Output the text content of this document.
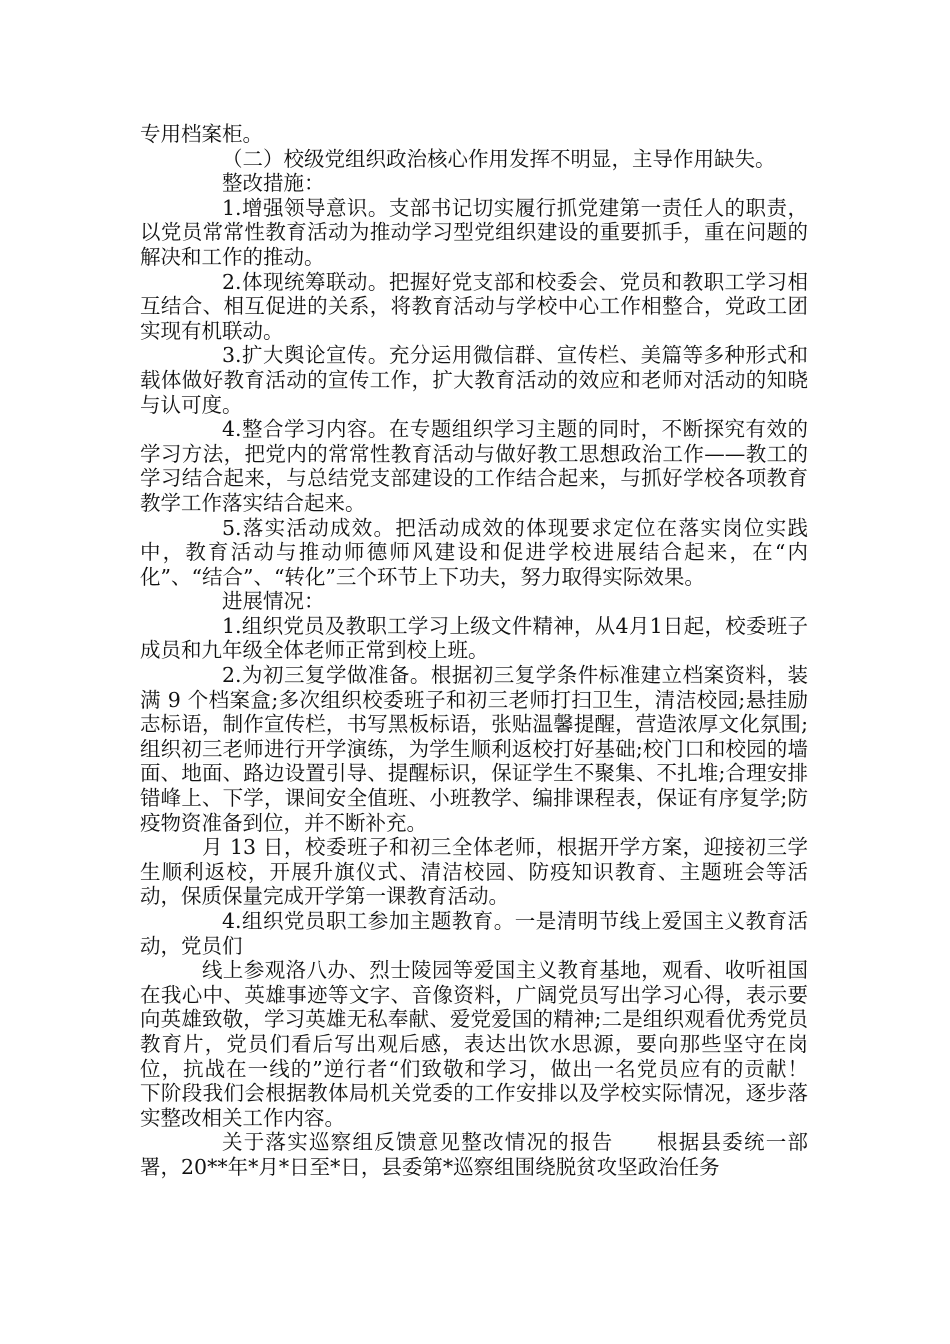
专用档案柜。

（二）校级党组织政治核心作用发挥不明显，主导作用缺失。

整改措施：

1.增强领导意识。支部书记切实履行抓党建第一责任人的职责，以党员常常性教育活动为推动学习型党组织建设的重要抓手，重在问题的解决和工作的推动。

2.体现统筹联动。把握好党支部和校委会、党员和教职工学习相互结合、相互促进的关系，将教育活动与学校中心工作相整合，党政工团实现有机联动。

3.扩大舆论宣传。充分运用微信群、宣传栏、美篇等多种形式和载体做好教育活动的宣传工作，扩大教育活动的效应和老师对活动的知晓与认可度。

4.整合学习内容。在专题组织学习主题的同时，不断探究有效的学习方法，把党内的常常性教育活动与做好教工思想政治工作——教工的学习结合起来，与总结党支部建设的工作结合起来，与抓好学校各项教育教学工作落实结合起来。

5.落实活动成效。把活动成效的体现要求定位在落实岗位实践中，教育活动与推动师德师风建设和促进学校进展结合起来，在“内化”、“结合”、“转化”三个环节上下功夫，努力取得实际效果。

进展情况：

1.组织党员及教职工学习上级文件精神，从4月1日起，校委班子成员和九年级全体老师正常到校上班。

2.为初三复学做准备。根据初三复学条件标准建立档案资料，装满 9 个档案盒;多次组织校委班子和初三老师打扫卫生，清洁校园;悬挂励志标语，制作宣传栏，书写黑板标语，张贴温馨提醒，营造浓厚文化氛围;组织初三老师进行开学演练，为学生顺利返校打好基础;校门口和校园的墙面、地面、路边设置引导、提醒标识，保证学生不聚集、不扎堆;合理安排错峰上、下学，课间安全值班、小班教学、编排课程表，保证有序复学;防疫物资准备到位，并不断补充。

月 13 日，校委班子和初三全体老师，根据开学方案，迎接初三学生顺利返校，开展升旗仪式、清洁校园、防疫知识教育、主题班会等活动，保质保量完成开学第一课教育活动。

4.组织党员职工参加主题教育。一是清明节线上爱国主义教育活动，党员们

线上参观洛八办、烈士陵园等爱国主义教育基地，观看、收听祖国在我心中、英雄事迹等文字、音像资料，广阔党员写出学习心得，表示要向英雄致敬，学习英雄无私奉献、爱党爱国的精神;二是组织观看优秀党员教育片，党员们看后写出观后感，表达出饮水思源，要向那些坚守在岗位，抗战在一线的”逆行者“们致敬和学习，做出一名党员应有的贡献！　　下阶段我们会根据教体局机关党委的工作安排以及学校实际情况，逐步落实整改相关工作内容。

关于落实巡察组反馈意见整改情况的报告　　根据县委统一部署，20**年*月*日至*日，县委第*巡察组围绕脱贫攻坚政治任务
